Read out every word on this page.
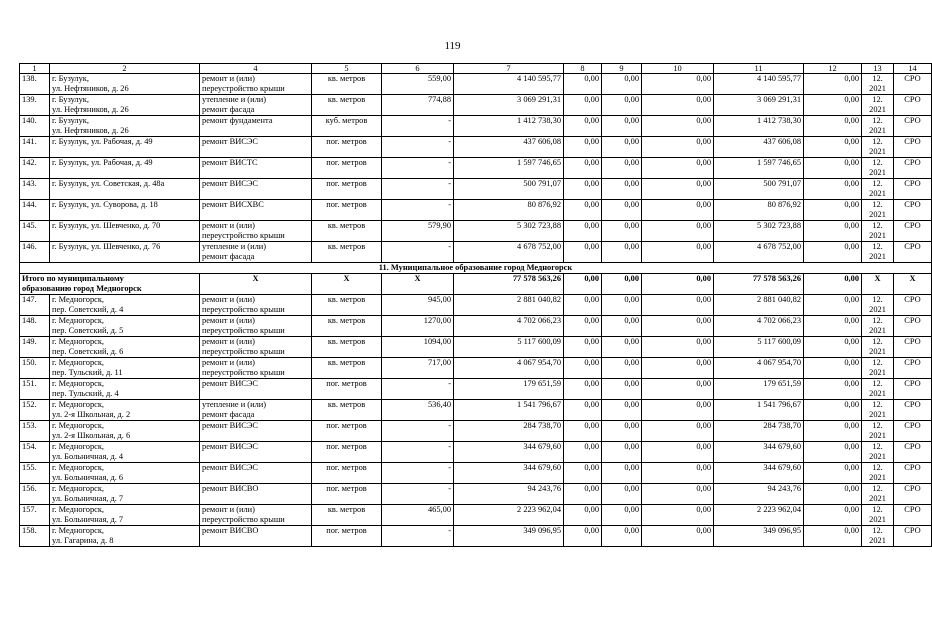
119
1	2	4	5	6	7	8	9	10	11	12	13	14
138.	г. Бузулук,
ул. Нефтяников, д. 26	ремонт и (или)
переустройство крыши	кв. метров	559,00	4 140 595,77	0,00	0,00	0,00	4 140 595,77	0,00	12.
2021	СРО
139.	г. Бузулук,
ул. Нефтяников, д. 26	утепление и (или)
ремонт фасада	кв. метров	774,88	3 069 291,31	0,00	0,00	0,00	3 069 291,31	0,00	12.
2021	СРО
140.	г. Бузулук,
ул. Нефтяников, д. 26	ремонт фундамента	куб. метров	-	1 412 738,30	0,00	0,00	0,00	1 412 738,30	0,00	12.
2021	СРО
141.	г. Бузулук, ул. Рабочая, д. 49	ремонт ВИСЭС	пог. метров	-	437 606,08	0,00	0,00	0,00	437 606,08	0,00	12.
2021	СРО
142.	г. Бузулук, ул. Рабочая, д. 49	ремонт ВИСТС	пог. метров	-	1 597 746,65	0,00	0,00	0,00	1 597 746,65	0,00	12.
2021	СРО
143.	г. Бузулук, ул. Советская, д. 48а	ремонт ВИСЭС	пог. метров	-	500 791,07	0,00	0,00	0,00	500 791,07	0,00	12.
2021	СРО
144.	г. Бузулук, ул. Суворова, д. 18	ремонт ВИСХВС	пог. метров	-	80 876,92	0,00	0,00	0,00	80 876,92	0,00	12.
2021	СРО
145.	г. Бузулук, ул. Шевченко, д. 70	ремонт и (или)
переустройство крыши	кв. метров	579,90	5 302 723,88	0,00	0,00	0,00	5 302 723,88	0,00	12.
2021	СРО
146.	г. Бузулук, ул. Шевченко, д. 76	утепление и (или)
ремонт фасада	кв. метров	-	4 678 752,00	0,00	0,00	0,00	4 678 752,00	0,00	12.
2021	СРО
11. Муниципальное образование город Медногорск												

Итого по муниципальному
образованию город Медногорск		X	X	X	77 578 563,26	0,00	0,00	0,00	77 578 563,26	0,00	X	X
147.	г. Медногорск,
пер. Советский, д. 4	ремонт и (или)
переустройство крыши	кв. метров	945,00	2 881 040,82	0,00	0,00	0,00	2 881 040,82	0,00	12.
2021	СРО
148.	г. Медногорск,
пер. Советский, д. 5	ремонт и (или)
переустройство крыши	кв. метров	1270,00	4 702 066,23	0,00	0,00	0,00	4 702 066,23	0,00	12.
2021	СРО
149.	г. Медногорск,
пер. Советский, д. 6	ремонт и (или)
переустройство крыши	кв. метров	1094,00	5 117 600,09	0,00	0,00	0,00	5 117 600,09	0,00	12.
2021	СРО
150.	г. Медногорск,
пер. Тульский, д. 11	ремонт и (или)
переустройство крыши	кв. метров	717,00	4 067 954,70	0,00	0,00	0,00	4 067 954,70	0,00	12.
2021	СРО
151.	г. Медногорск,
пер. Тульский, д. 4	ремонт ВИСЭС	пог. метров	-	179 651,59	0,00	0,00	0,00	179 651,59	0,00	12.
2021	СРО
152.	г. Медногорск,
ул. 2-я Школьная, д. 2	утепление и (или)
ремонт фасада	кв. метров	536,40	1 541 796,67	0,00	0,00	0,00	1 541 796,67	0,00	12.
2021	СРО
153.	г. Медногорск,
ул. 2-я Школьная, д. 6	ремонт ВИСЭС	пог. метров	-	284 738,70	0,00	0,00	0,00	284 738,70	0,00	12.
2021	СРО
154.	г. Медногорск,
ул. Больничная, д. 4	ремонт ВИСЭС	пог. метров	-	344 679,60	0,00	0,00	0,00	344 679,60	0,00	12.
2021	СРО
155.	г. Медногорск,
ул. Больничная, д. 6	ремонт ВИСЭС	пог. метров	-	344 679,60	0,00	0,00	0,00	344 679,60	0,00	12.
2021	СРО
156.	г. Медногорск,
ул. Больничная, д. 7	ремонт ВИСВО	пог. метров	-	94 243,76	0,00	0,00	0,00	94 243,76	0,00	12.
2021	СРО
157.	г. Медногорск,
ул. Больничная, д. 7	ремонт и (или)
переустройство крыши	кв. метров	465,00	2 223 962,04	0,00	0,00	0,00	2 223 962,04	0,00	12.
2021	СРО
158.	г. Медногорск,
ул. Гагарина, д. 8	ремонт ВИСВО	пог. метров	-	349 096,95	0,00	0,00	0,00	349 096,95	0,00	12.
2021	СРО
